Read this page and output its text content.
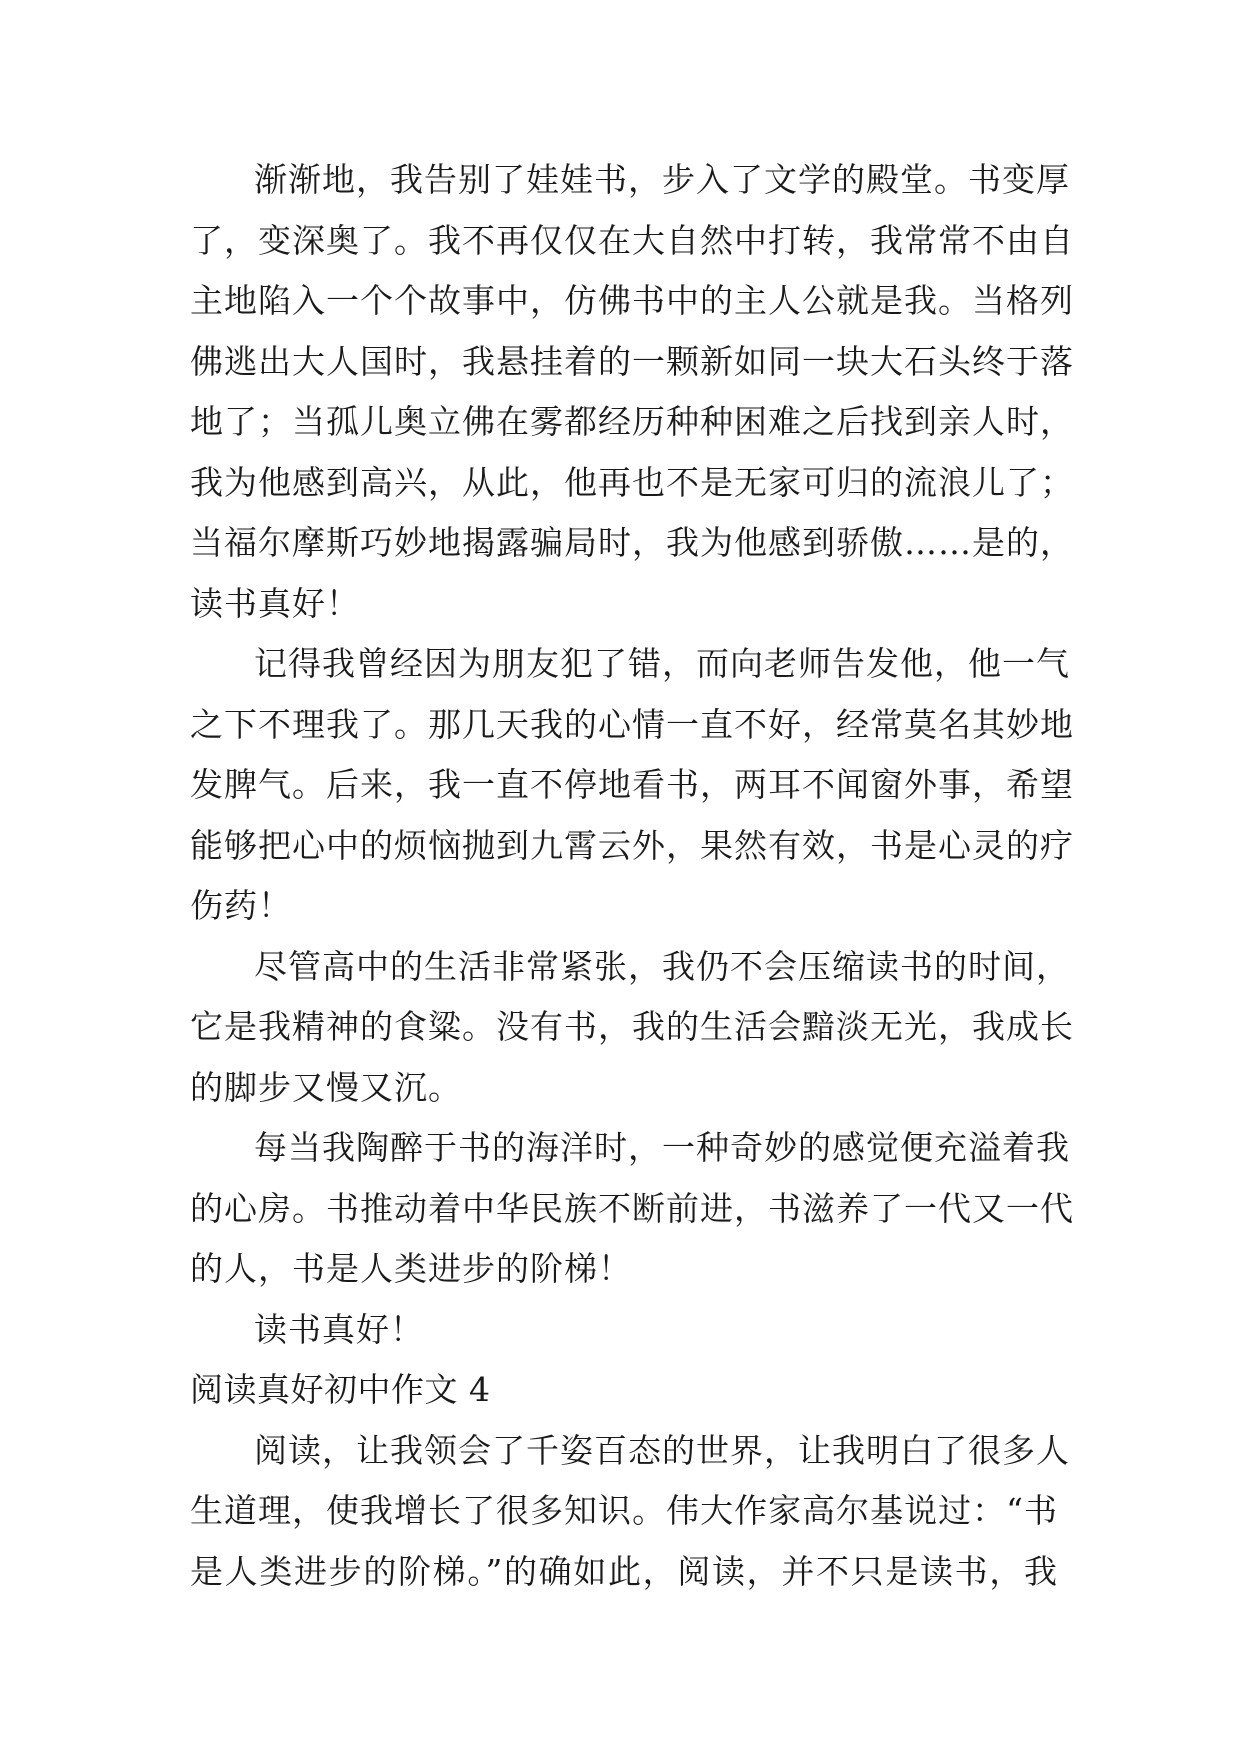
渐渐地，我告别了娃娃书，步入了文学的殿堂。书变厚
了，变深奥了。我不再仅仅在大自然中打转，我常常不由自
主地陷入一个个故事中，仿佛书中的主人公就是我。当格列
佛逃出大人国时，我悬挂着的一颗新如同一块大石头终于落
地了；当孤儿奥立佛在雾都经历种种困难之后找到亲人时，
我为他感到高兴，从此，他再也不是无家可归的流浪儿了；
当福尔摩斯巧妙地揭露骗局时，我为他感到骄傲……是的，
读书真好！
记得我曾经因为朋友犯了错，而向老师告发他，他一气
之下不理我了。那几天我的心情一直不好，经常莫名其妙地
发脾气。后来，我一直不停地看书，两耳不闻窗外事，希望
能够把心中的烦恼抛到九霄云外，果然有效，书是心灵的疗
伤药！
尽管高中的生活非常紧张，我仍不会压缩读书的时间，
它是我精神的食粱。没有书，我的生活会黯淡无光，我成长
的脚步又慢又沉。
每当我陶醉于书的海洋时，一种奇妙的感觉便充溢着我
的心房。书推动着中华民族不断前进，书滋养了一代又一代
的人，书是人类进步的阶梯！
读书真好！
阅读真好初中作文 4
阅读，让我领会了千姿百态的世界，让我明白了很多人
生道理，使我增长了很多知识。伟大作家高尔基说过：“书
是人类进步的阶梯。”的确如此，阅读，并不只是读书，我
